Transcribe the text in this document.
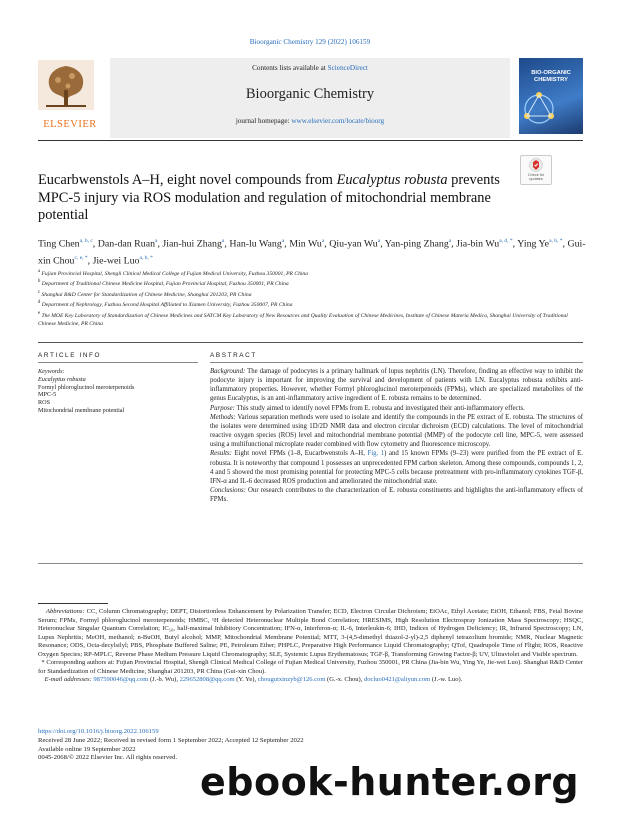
Bioorganic Chemistry 129 (2022) 106159
ELSEVIER
Contents lists available at ScienceDirect
Bioorganic Chemistry
journal homepage: www.elsevier.com/locate/bioorg
BIO-ORGANIC
CHEMISTRY
Check for
updates
Eucarbwenstols A–H, eight novel compounds from Eucalyptus robusta prevents MPC-5 injury via ROS modulation and regulation of mitochondrial membrane potential
Ting Chen$^{a, b, c}$, Dan-dan Ruan$^a$, Jian-hui Zhang$^a$, Han-lu Wang$^a$, Min Wu$^a$, Qiu-yan Wu$^a$, Yan-ping Zhang$^a$, Jia-bin $Wu^{a, d, *}$, Ying $Ye^{a, b, *}$, Gui-xin Chou$^{c, e, *}$, Jie-wei Luo$^{a, b, *}$
$^a$ Fujian Provincial Hospital, Shengli Clinical Medical College of Fujian Medical University, Fuzhou 350001, PR China
$^b$ Department of Traditional Chinese Medicine Hospital, Fujian Provincial Hospital, Fuzhou 350001, PR China
$^c$ Shanghai R&D Center for Standardization of Chinese Medicine, Shanghai 201203, PR China
$^d$ Department of Nephrology, Fuzhou Second Hospital Affiliated to Xiamen University, Fuzhou 350007, PR China
$^e$ The MOE Key Laboratory of Standardization of Chinese Medicines and SATCM Key Laboratory of New Resources and Quality Evaluation of Chinese Medicines, Institute of Chinese Materia Medica, Shanghai University of Traditional Chinese Medicine, PR China
ARTICLE INFO	ABSTRACT
Keywords:
Eucalyptus robusta
Formyl phloroglucinol meroterpenoids
MPC-5
ROS
Mitochondrial membrane potential

Background: The damage of podocytes is a primary hallmark of lupus nephritis (LN). Therefore, finding an effective way to inhibit the podocyte injury is important for improving the survival and development of patients with LN. Eucalyptus robusta exhibits anti-inflammatory properties. However, whether Formyl phloroglucinol meroterpenoids (FPMs), which are specialized metabolites of the genus Eucalyptus, is an anti-inflammatory active ingredient of E. robusta remains to be determined.

Purpose: This study aimed to identify novel FPMs from E. robusta and investigated their anti-inflammatory effects.

Methods: Various separation methods were used to isolate and identify the compounds in the PE extract of E. robusta. The structures of the isolates were determined using 1D/2D NMR data and electron circular dichroism (ECD) calculations. The level of mitochondrial reactive oxygen species (ROS) level and mitochondrial membrane potential (MMP) of the podocyte cell line, MPC-5, were assessed using a multifunctional microplate reader combined with flow cytometry and fluorescence microscopy.

Results: Eight novel FPMs (1–8, Eucarbwenstols A–H, Fig. 1) and 15 known FPMs (9–23) were purified from the PE extract of E. robusta. It is noteworthy that compound 1 possesses an unprecedented FPM carbon skeleton. Among these compounds, compounds 1, 2, 4 and 5 showed the most promising potential for protecting MPC-5 cells because pretreatment with pro-inflammatory cytokines TGF-β, IFN-α and IL-6 decreased ROS production and ameliorated the mitochondrial state.

Conclusions: Our research contributes to the characterization of E. robusta constituents and highlights the anti-inflammatory effects of FPMs.

Abbreviations: CC, Column Chromatography; DEPT, Distortionless Enhancement by Polarization Transfer; ECD, Electron Circular Dichroism; EtOAc, Ethyl Acetate; EtOH, Ethanol; FBS, Fetal Bovine Serum; FPMs, Formyl phloroglucinol meroterpenoids; HMBC, ¹H detected Heteronuclear Multiple Bond Correlation; HRESIMS, High Resolution Electrospray Ionization Mass Spectroscopy; HSQC, Heteronuclear Singular Quantum Correlation; IC₅₀, half-maximal Inhibitory Concentration; IFN-α, Interferon-α; IL-6, Interleukin-6; IHD, Indices of Hydrogen Deficiency; IR, Infrared Spectroscopy; LN, Lupus Nephritis; MeOH, methanol; n-BuOH, Butyl alcohol; MMP, Mitochondrial Membrane Potential; MTT, 3-(4,5-dimethyl thiazol-2-yl)-2,5 diphenyl tetrazolium bromide; NMR, Nuclear Magnetic Resonance; ODS, Octa-decylsilyl; PBS, Phosphate Buffered Saline; PE, Petroleum Ether; PHPLC, Preparative High Performance Liquid Chromatography; QTof, Quadrupole Time of Flight; ROS, Reactive Oxygen Species; RP-MPLC, Reverse Phase Medium Pressure Liquid Chromatography; SLE, Systemic Lupus Erythematosus; TGF-β, Transforming Growing Factor-β; UV, Ultraviolet and Visible spectrum.

* Corresponding authors at: Fujian Provincial Hospital, Shengli Clinical Medical College of Fujian Medical University, Fuzhou 350001, PR China (Jia-bin Wu, Ying Ye, Jie-wei Luo). Shanghai R&D Center for Standardization of Chinese Medicine, Shanghai 201203, PR China (Gui-xin Chou).

E-mail addresses: 987590046@qq.com (J.-b. Wu), 229652808@qq.com (Y. Ye), chouguixinzyb@126.com (G.-x. Chou), docluo0421@aliyun.com (J.-w. Luo).

https://doi.org/10.1016/j.bioorg.2022.106159
Received 28 June 2022; Received in revised form 1 September 2022; Accepted 12 September 2022
Available online 19 September 2022
0045-2068/© 2022 Elsevier Inc. All rights reserved.
ebook-hunter.org
